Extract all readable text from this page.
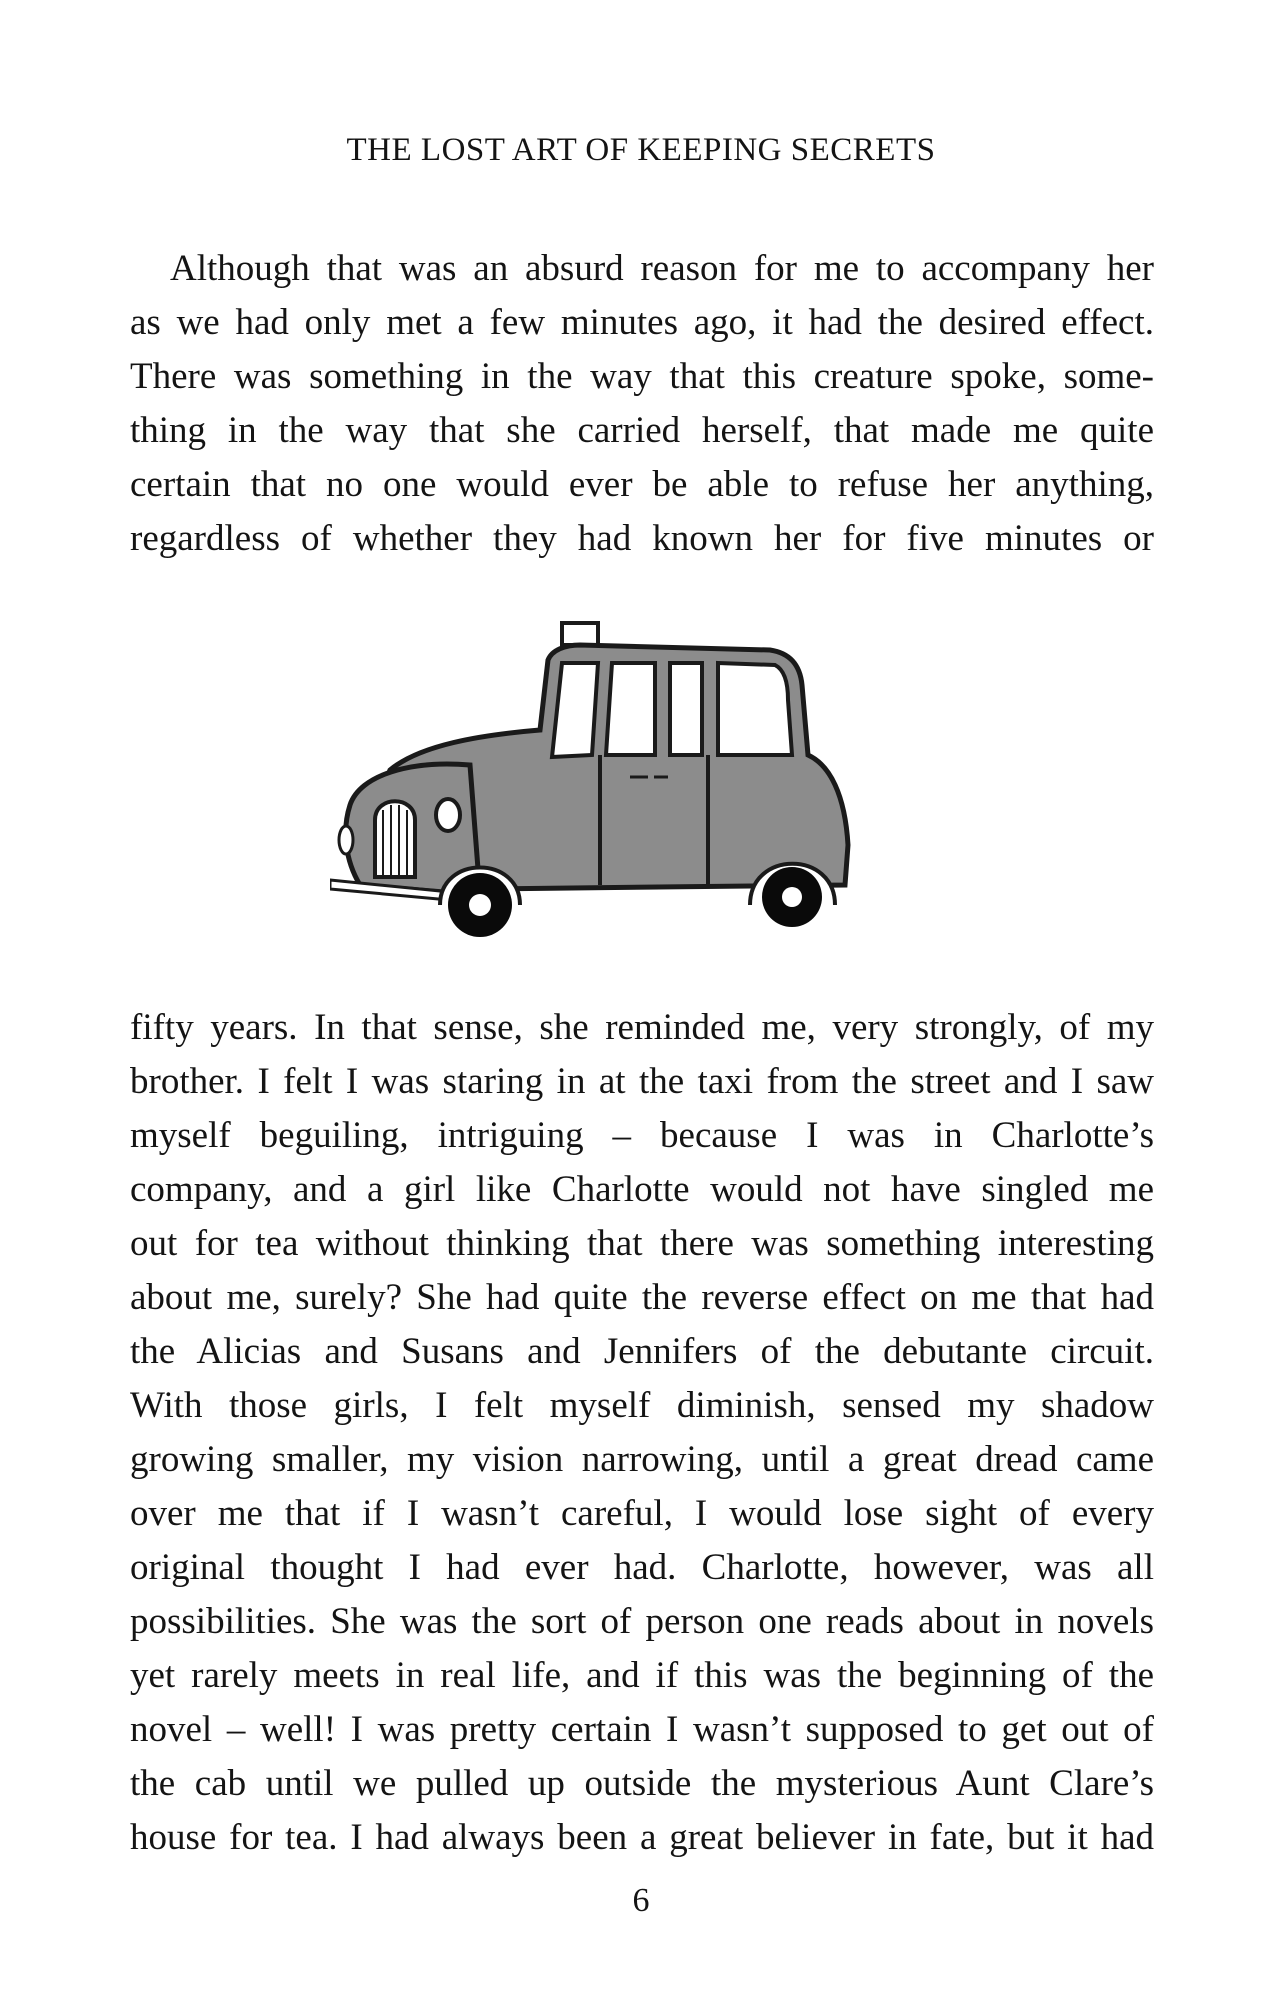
THE LOST ART OF KEEPING SECRETS
Although that was an absurd reason for me to accompany her
as we had only met a few minutes ago, it had the desired effect.
There was something in the way that this creature spoke, some-
thing in the way that she carried herself, that made me quite
certain that no one would ever be able to refuse her anything,
regardless of whether they had known her for five minutes or
fifty years. In that sense, she reminded me, very strongly, of my
brother. I felt I was staring in at the taxi from the street and I saw
myself beguiling, intriguing – because I was in Charlotte’s
company, and a girl like Charlotte would not have singled me
out for tea without thinking that there was something interesting
about me, surely? She had quite the reverse effect on me that had
the Alicias and Susans and Jennifers of the debutante circuit.
With those girls, I felt myself diminish, sensed my shadow
growing smaller, my vision narrowing, until a great dread came
over me that if I wasn’t careful, I would lose sight of every
original thought I had ever had. Charlotte, however, was all
possibilities. She was the sort of person one reads about in novels
yet rarely meets in real life, and if this was the beginning of the
novel – well! I was pretty certain I wasn’t supposed to get out of
the cab until we pulled up outside the mysterious Aunt Clare’s
house for tea. I had always been a great believer in fate, but it had
6
